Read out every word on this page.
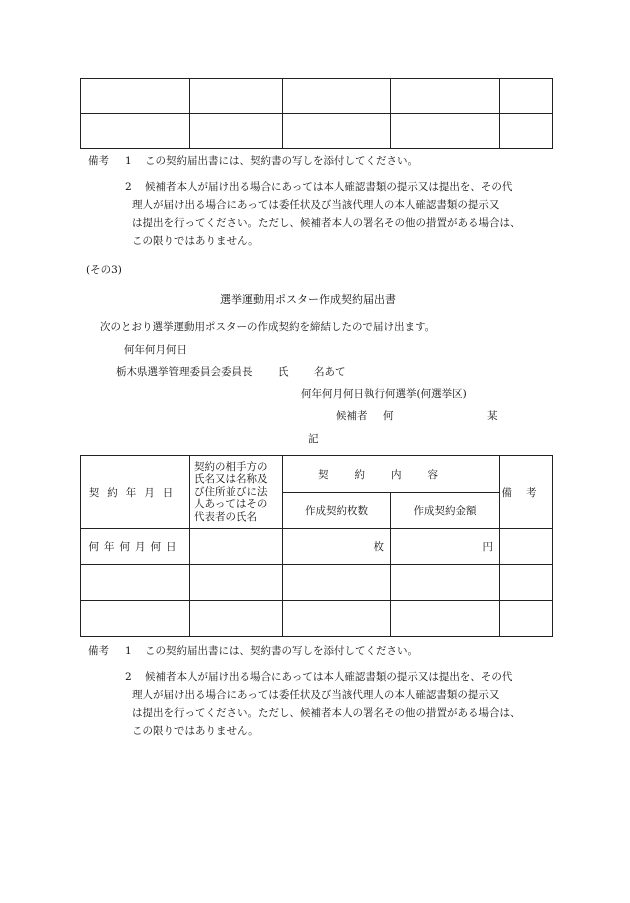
備考 1 この契約届出書には、契約書の写しを添付してください。
2 候補者本人が届け出る場合にあっては本人確認書類の提示又は提出を、その代
理人が届け出る場合にあっては委任状及び当該代理人の本人確認書類の提示又
は提出を行ってください。ただし、候補者本人の署名その他の措置がある場合は、
この限りではありません。
(その3)
選挙運動用ポスター作成契約届出書
次のとおり選挙運動用ポスターの作成契約を締結したので届け出ます。
何年何月何日
栃木県選挙管理委員会委員長 氏 名あて
何年何月何日執行何選挙(何選挙区)
候補者 何	某
記
契約年月日	契約の相手方の
氏名又は名称及
び住所並びに法
人あってはその
代表者の氏名	契約内容		備考
		作成契約枚数	作成契約金額	
何年何月何日		枚	円	

備考 1 この契約届出書には、契約書の写しを添付してください。
2 候補者本人が届け出る場合にあっては本人確認書類の提示又は提出を、その代
理人が届け出る場合にあっては委任状及び当該代理人の本人確認書類の提示又
は提出を行ってください。ただし、候補者本人の署名その他の措置がある場合は、
この限りではありません。
